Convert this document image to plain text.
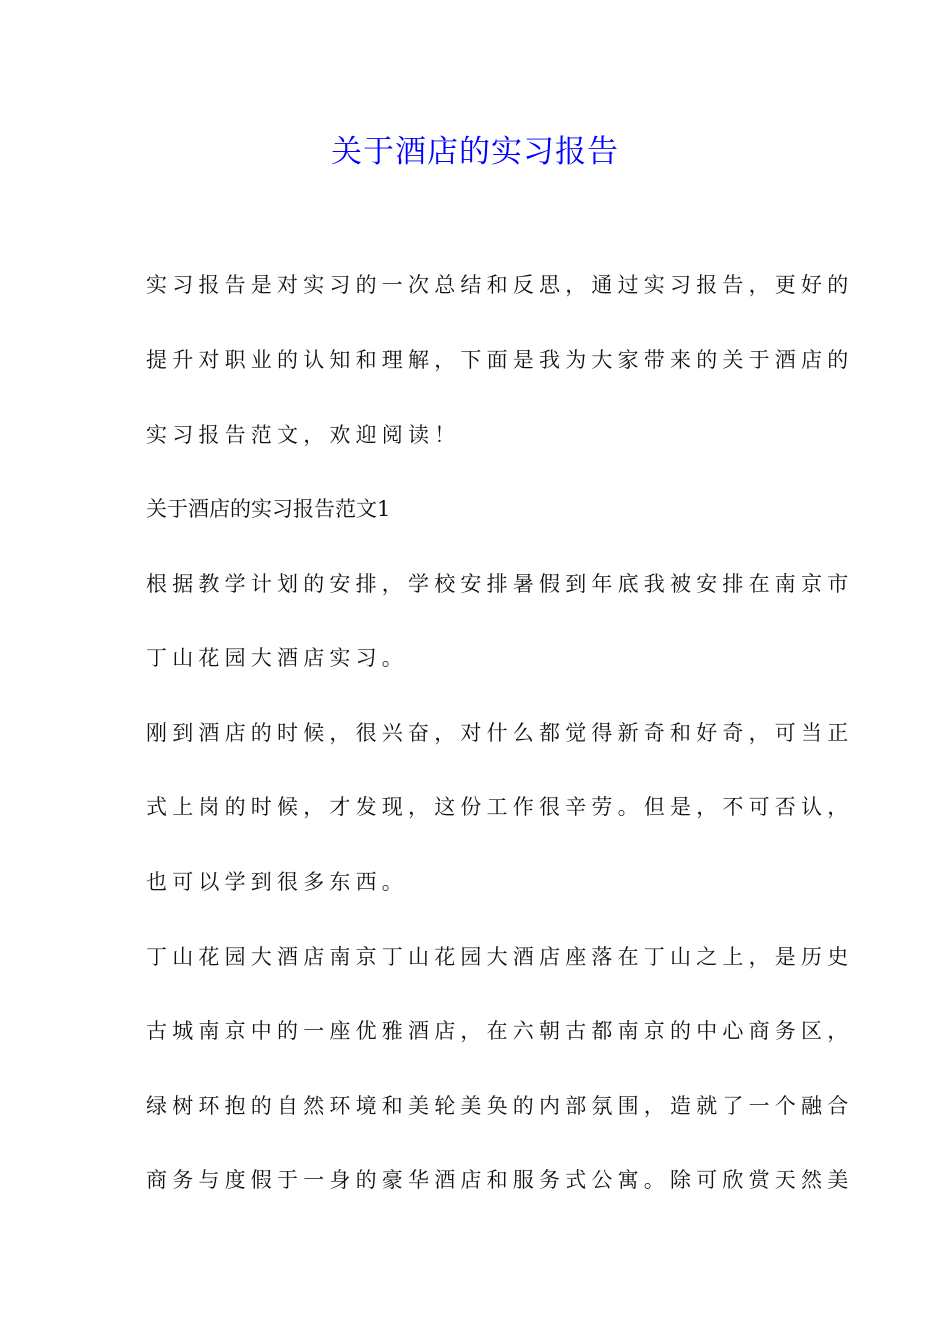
关于酒店的实习报告

实习报告是对实习的一次总结和反思，通过实习报告，更好的

提升对职业的认知和理解，下面是我为大家带来的关于酒店的

实习报告范文，欢迎阅读！

关于酒店的实习报告范文1

根据教学计划的安排，学校安排暑假到年底我被安排在南京市

丁山花园大酒店实习。

刚到酒店的时候，很兴奋，对什么都觉得新奇和好奇，可当正

式上岗的时候，才发现，这份工作很辛劳。但是，不可否认，

也可以学到很多东西。

丁山花园大酒店南京丁山花园大酒店座落在丁山之上，是历史

古城南京中的一座优雅酒店，在六朝古都南京的中心商务区，

绿树环抱的自然环境和美轮美奂的内部氛围，造就了一个融合

商务与度假于一身的豪华酒店和服务式公寓。除可欣赏天然美
